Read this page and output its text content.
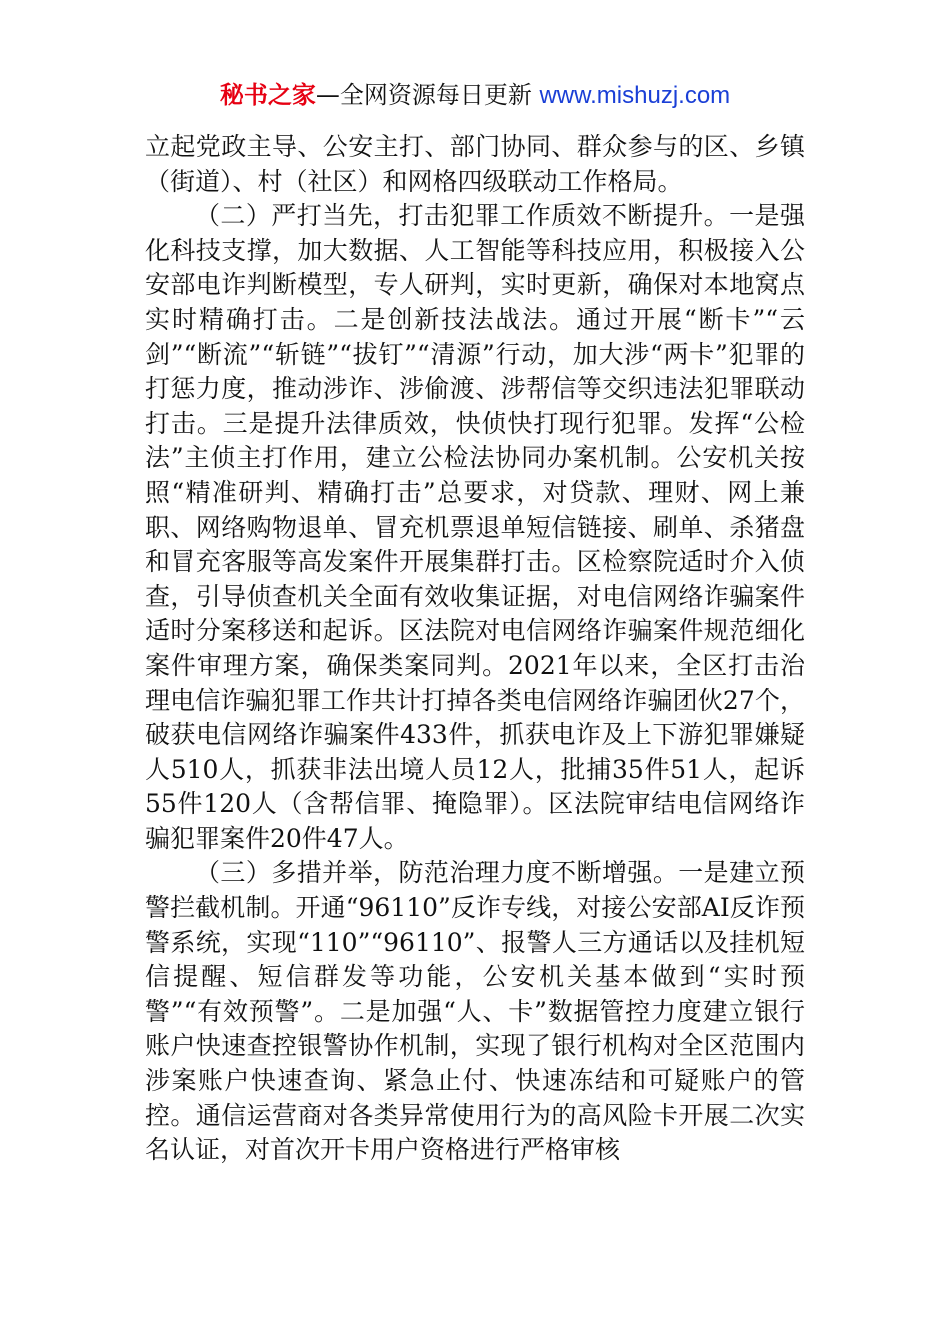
秘书之家—全网资源每日更新 www.mishuzj.com

立起党政主导、公安主打、部门协同、群众参与的区、乡镇（街道）、村（社区）和网格四级联动工作格局。

（二）严打当先，打击犯罪工作质效不断提升。一是强化科技支撑，加大数据、人工智能等科技应用，积极接入公安部电诈判断模型，专人研判，实时更新，确保对本地窝点实时精确打击。二是创新技法战法。通过开展“断卡”“云剑”“断流”“斩链”“拔钉”“清源”行动，加大涉“两卡”犯罪的打惩力度，推动涉诈、涉偷渡、涉帮信等交织违法犯罪联动打击。三是提升法律质效，快侦快打现行犯罪。发挥“公检法”主侦主打作用，建立公检法协同办案机制。公安机关按照“精准研判、精确打击”总要求，对贷款、理财、网上兼职、网络购物退单、冒充机票退单短信链接、刷单、杀猪盘和冒充客服等高发案件开展集群打击。区检察院适时介入侦查，引导侦查机关全面有效收集证据，对电信网络诈骗案件适时分案移送和起诉。区法院对电信网络诈骗案件规范细化案件审理方案，确保类案同判。2021年以来，全区打击治理电信诈骗犯罪工作共计打掉各类电信网络诈骗团伙27个，破获电信网络诈骗案件433件，抓获电诈及上下游犯罪嫌疑人510人，抓获非法出境人员12人，批捕35件51人，起诉55件120人（含帮信罪、掩隐罪）。区法院审结电信网络诈骗犯罪案件20件47人。

（三）多措并举，防范治理力度不断增强。一是建立预警拦截机制。开通“96110”反诈专线，对接公安部AI反诈预警系统，实现“110”“96110”、报警人三方通话以及挂机短信提醒、短信群发等功能，公安机关基本做到“实时预警”“有效预警”。二是加强“人、卡”数据管控力度建立银行账户快速查控银警协作机制，实现了银行机构对全区范围内涉案账户快速查询、紧急止付、快速冻结和可疑账户的管控。通信运营商对各类异常使用行为的高风险卡开展二次实名认证，对首次开卡用户资格进行严格审核
